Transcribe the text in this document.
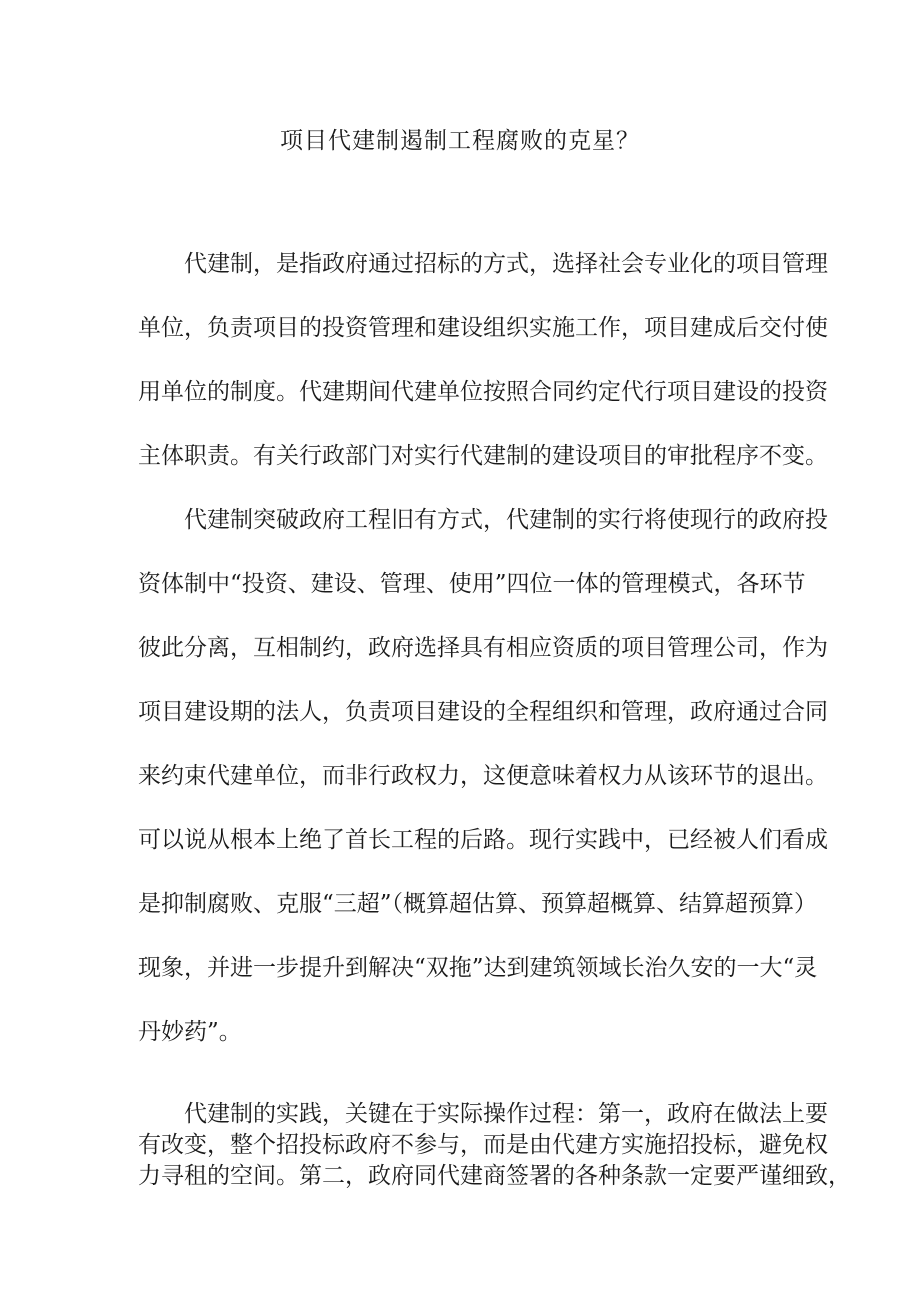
项目代建制遏制工程腐败的克星？
代建制，是指政府通过招标的方式，选择社会专业化的项目管理
单位，负责项目的投资管理和建设组织实施工作，项目建成后交付使
用单位的制度。代建期间代建单位按照合同约定代行项目建设的投资
主体职责。有关行政部门对实行代建制的建设项目的审批程序不变。
代建制突破政府工程旧有方式，代建制的实行将使现行的政府投
资体制中“投资、建设、管理、使用”四位一体的管理模式，各环节
彼此分离，互相制约，政府选择具有相应资质的项目管理公司，作为
项目建设期的法人，负责项目建设的全程组织和管理，政府通过合同
来约束代建单位，而非行政权力，这便意味着权力从该环节的退出。
可以说从根本上绝了首长工程的后路。现行实践中，已经被人们看成
是抑制腐败、克服“三超”（概算超估算、预算超概算、结算超预算）
现象，并进一步提升到解决“双拖”达到建筑领域长治久安的一大“灵
丹妙药”。
代建制的实践，关键在于实际操作过程：第一，政府在做法上要
有改变，整个招投标政府不参与，而是由代建方实施招投标，避免权
力寻租的空间。第二，政府同代建商签署的各种条款一定要严谨细致，
